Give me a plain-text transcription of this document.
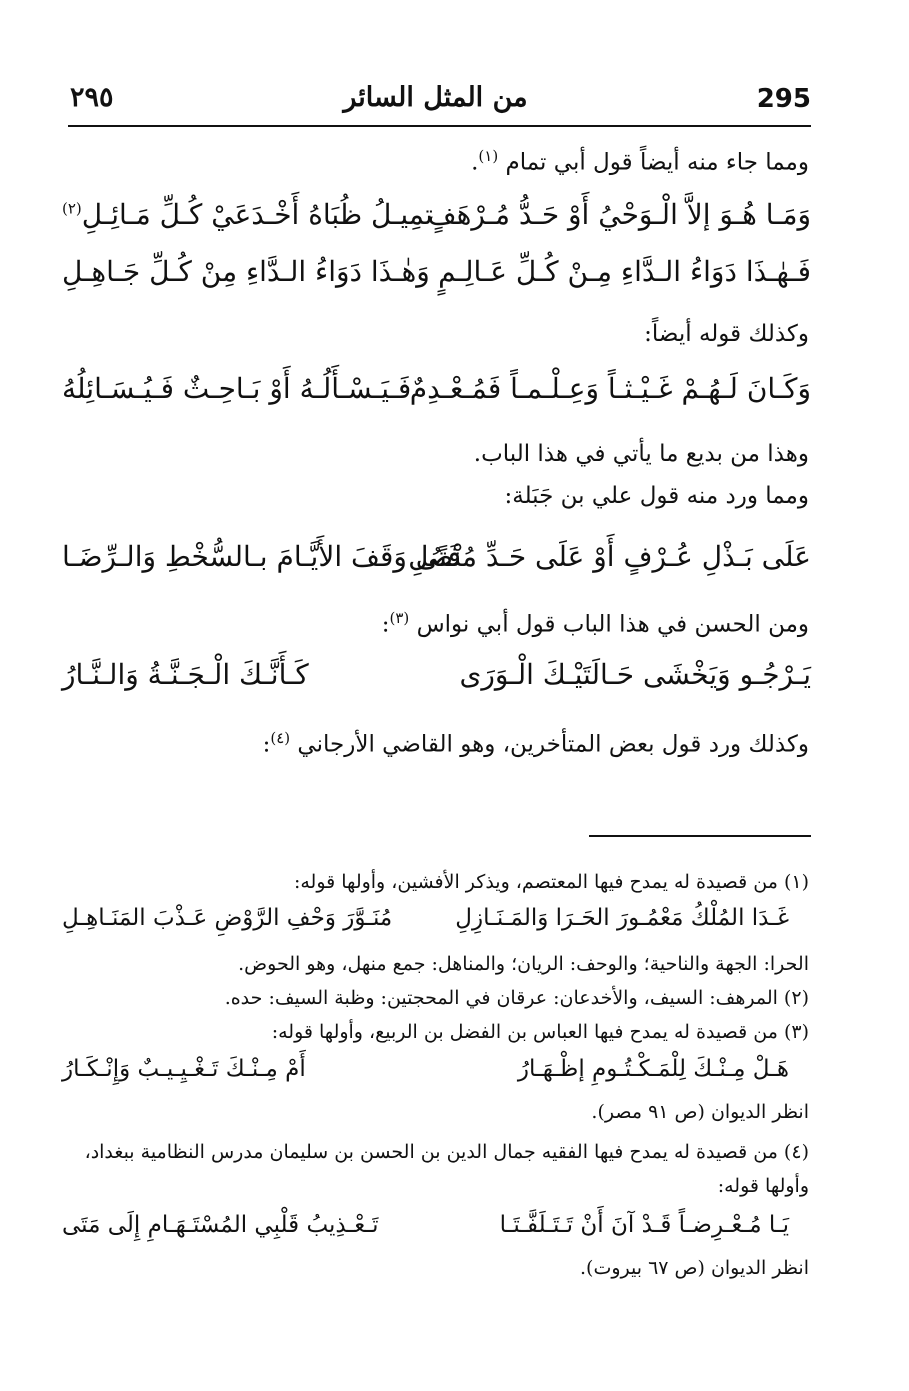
295
من المثل السائر
٢٩٥
ومما جاء منه أيضاً قول أبي تمام $^{(١)}$.
وَمَـا هُـوَ إلاَّ الْـوَحْيُ أَوْ حَـدُّ مُـرْهَفٍ
تمِيـلُ ظُبَاهُ أَخْـدَعَيْ كُـلِّ مَـائِـلِ$^{(٢)}$
فَـهٰـذَا دَوَاءُ الـدَّاءِ مِـنْ كُـلِّ عَـالِـمٍ
وَهٰـذَا دَوَاءُ الـدَّاءِ مِنْ كُـلِّ جَـاهِـلِ
وكذلك قوله أيضاً:
وَكَـانَ لَـهُـمْ غَـيْـثـاً وَعِـلْـمـاً فَمُـعْـدِمٌ
فَـيَـسْـأَلُـهُ أَوْ بَـاحِـثٌ فَـيُـسَـائِلُهُ
وهذا من بديع ما يأتي في هذا الباب.
ومما ورد منه قول علي بن جَبَلة:
عَلَى بَـذْلِ عُـرْفٍ أَوْ عَلَى حَـدِّ مُنْصُلِ
فَتًى وَقَفَ الأَيَّـامَ بـالسُّخْطِ وَالـرِّضَـا
ومن الحسن في هذا الباب قول أبي نواس $^{(٣)}$:
يَـرْجُـو وَيَخْشَى حَـالَتَيْـكَ الْـوَرَى
كَـأَنَّـكَ الْـجَـنَّـةُ وَالـنَّـارُ
وكذلك ورد قول بعض المتأخرين، وهو القاضي الأرجاني $^{(٤)}$:
(١) من قصيدة له يمدح فيها المعتصم، ويذكر الأفشين، وأولها قوله:
غَـدَا المُلْكُ مَعْمُـورَ الحَـرَا وَالمَـنَـازِلِ
مُنَـوَّرَ وَحْفِ الرَّوْضِ عَـذْبَ المَنَـاهِـلِ
الحرا: الجهة والناحية؛ والوحف: الريان؛ والمناهل: جمع منهل، وهو الحوض.
(٢) المرهف: السيف، والأخدعان: عرقان في المحجتين: وظبة السيف: حده.
(٣) من قصيدة له يمدح فيها العباس بن الفضل بن الربيع، وأولها قوله:
هَـلْ مِـنْـكَ لِلْمَـكْـتُـومِ إظْـهَـارُ
أَمْ مِـنْـكَ تَـغْـيِـيـبٌ وَإِنْـكَـارُ
انظر الديوان (ص ٩١ مصر).
(٤) من قصيدة له يمدح فيها الفقيه جمال الدين بن الحسن بن سليمان مدرس النظامية ببغداد،
وأولها قوله:
يَـا مُـعْـرِضـاً قَـدْ آنَ أَنْ تَـتَـلَفَّـتَـا
تَـعْـذِيبُ قَلْبِي المُسْتَـهَـامِ إِلَى مَتَى
انظر الديوان (ص ٦٧ بيروت).
